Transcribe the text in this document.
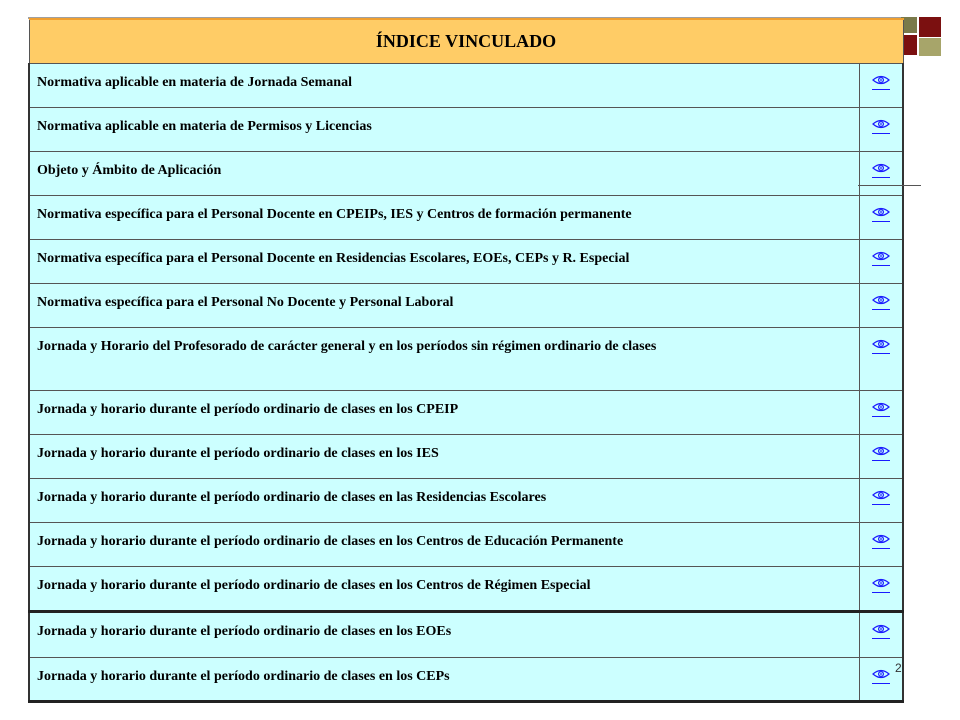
ÍNDICE VINCULADO	

Normativa aplicable en materia de Jornada Semanal

Normativa aplicable en materia de Permisos y Licencias

Objeto y Ámbito de Aplicación

Normativa específica para el Personal Docente en CPEIPs, IES y Centros de formación permanente

Normativa específica para el Personal Docente en Residencias Escolares, EOEs, CEPs y R. Especial

Normativa específica para el Personal No Docente y Personal Laboral

Jornada y Horario del Profesorado de carácter general y en los períodos sin régimen ordinario de clases

Jornada y horario durante el período ordinario de clases en los CPEIP

Jornada y horario durante el período ordinario de clases en los IES

Jornada y horario durante el período ordinario de clases en las Residencias Escolares

Jornada y horario durante el período ordinario de clases en los Centros de Educación Permanente

Jornada y horario durante el período ordinario de clases en los Centros de Régimen Especial

Jornada y horario durante el período ordinario de clases en los EOEs

Jornada y horario durante el período ordinario de clases en los CEPs

2
